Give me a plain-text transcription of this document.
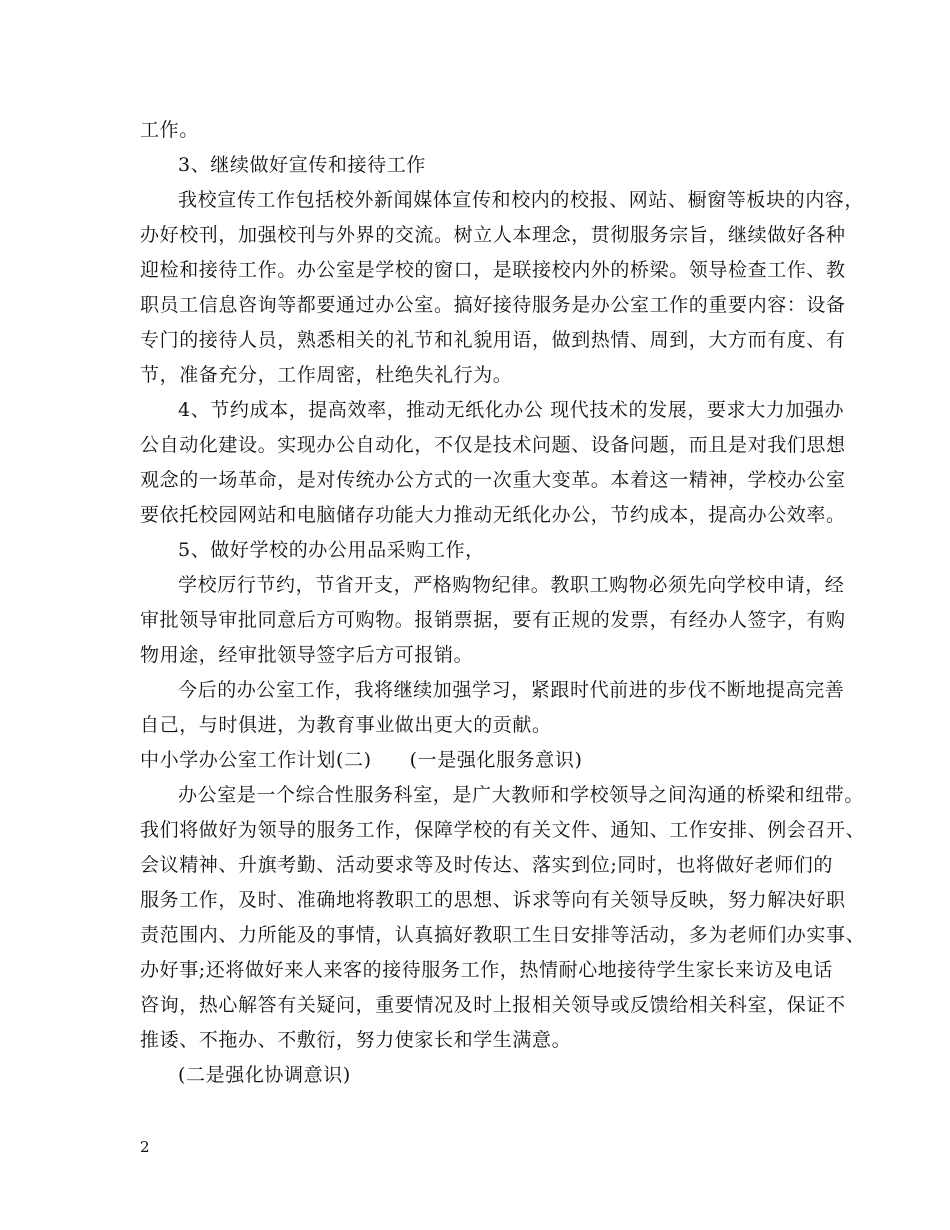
工作。
3、继续做好宣传和接待工作
我校宣传工作包括校外新闻媒体宣传和校内的校报、网站、橱窗等板块的内容，
办好校刊，加强校刊与外界的交流。树立人本理念，贯彻服务宗旨，继续做好各种
迎检和接待工作。办公室是学校的窗口，是联接校内外的桥梁。领导检查工作、教
职员工信息咨询等都要通过办公室。搞好接待服务是办公室工作的重要内容：设备
专门的接待人员，熟悉相关的礼节和礼貌用语，做到热情、周到，大方而有度、有
节，准备充分，工作周密，杜绝失礼行为。
4、节约成本，提高效率，推动无纸化办公 现代技术的发展，要求大力加强办
公自动化建设。实现办公自动化，不仅是技术问题、设备问题，而且是对我们思想
观念的一场革命，是对传统办公方式的一次重大变革。本着这一精神，学校办公室
要依托校园网站和电脑储存功能大力推动无纸化办公，节约成本，提高办公效率。
5、做好学校的办公用品采购工作，
学校厉行节约，节省开支，严格购物纪律。教职工购物必须先向学校申请，经
审批领导审批同意后方可购物。报销票据，要有正规的发票，有经办人签字，有购
物用途，经审批领导签字后方可报销。
今后的办公室工作，我将继续加强学习，紧跟时代前进的步伐不断地提高完善
自己，与时俱进，为教育事业做出更大的贡献。
中小学办公室工作计划(二) (一是强化服务意识)
办公室是一个综合性服务科室，是广大教师和学校领导之间沟通的桥梁和纽带。
我们将做好为领导的服务工作，保障学校的有关文件、通知、工作安排、例会召开、
会议精神、升旗考勤、活动要求等及时传达、落实到位;同时，也将做好老师们的
服务工作，及时、准确地将教职工的思想、诉求等向有关领导反映，努力解决好职
责范围内、力所能及的事情，认真搞好教职工生日安排等活动，多为老师们办实事、
办好事;还将做好来人来客的接待服务工作，热情耐心地接待学生家长来访及电话
咨询，热心解答有关疑问，重要情况及时上报相关领导或反馈给相关科室，保证不
推诿、不拖办、不敷衍，努力使家长和学生满意。
(二是强化协调意识)
2
